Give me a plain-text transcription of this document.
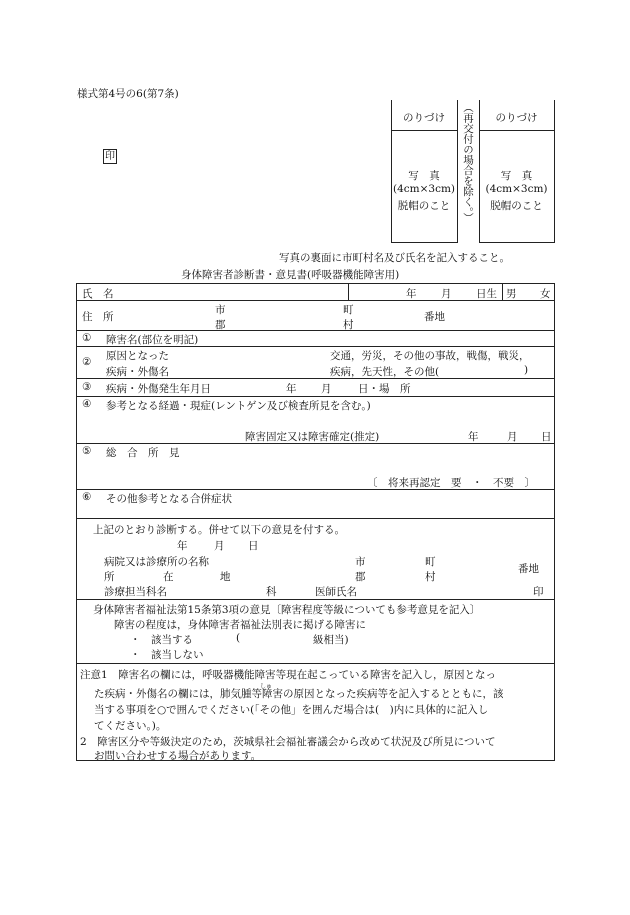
様式第4号の6(第7条)
印
のりづけ	のりづけ
写　真
(4cm×3cm)
脱帽のこと
写　真
(4cm×3cm)
脱帽のこと
（再交付の場合を除く。）
写真の裏面に市町村名及び氏名を記入すること。
身体障害者診断書・意見書(呼吸器機能障害用)
氏　名	年 月 日生 男 女
住　所
市
郡
町
村
番地
① 障害名(部位を明記)
② 原因となった
疾病・外傷名
交通，労災，その他の事故，戦傷，戦災，
疾病，先天性，その他(	)
③ 疾病・外傷発生年月日	年 月	日・場　所
④ 参考となる経過・現症(レントゲン及び検査所見を含む。)
障害固定又は障害確定(推定)	年	月 日
⑤ 総　合　所　見
〔　将来再認定　要　・　不要　〕
⑥ その他参考となる合併症状
上記のとおり診断する。併せて以下の意見を付する。
年	月 日
病院又は診療所の名称
所	在	地
市
郡
町
村
番地
診療担当科名	科	医師氏名	印
身体障害者福祉法第15条第3項の意見〔障害程度等級についても参考意見を記入〕
障害の程度は，身体障害者福祉法別表に掲げる障害に
・　該当する	(	級相当)
・　該当しない
注意1　障害名の欄には，呼吸器機能障害等現在起こっている障害を記入し，原因となっ
しゅ
た疾病・外傷名の欄には，肺気腫等障害の原因となった疾病等を記入するとともに，該
当する事項を○で囲んでください(「その他」を囲んだ場合は(　)内に具体的に記入し
てください。)。
2　障害区分や等級決定のため，茨城県社会福祉審議会から改めて状況及び所見について
お問い合わせする場合があります。
